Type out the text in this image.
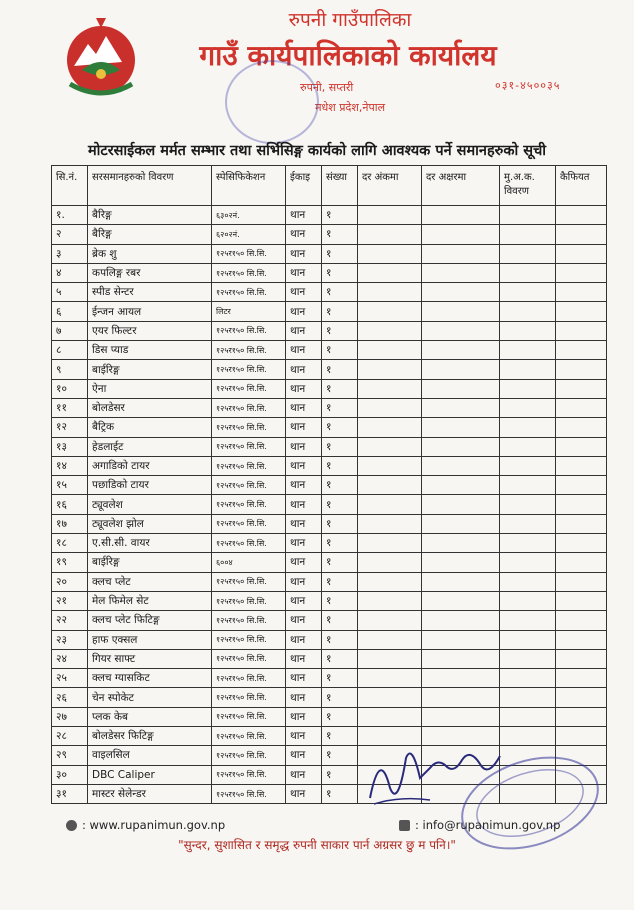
रुपनी गाउँपालिका
गाउँ कार्यपालिकाको कार्यालय
रुपनी, सप्तरी
मधेश प्रदेश,नेपाल
०३१-४५००३५
मोटरसाईकल मर्मत सम्भार तथा सर्भिसिङ्ग कार्यको लागि आवश्यक पर्ने समानहरुको सूची
सि.नं.	सरसमानहरुको विवरण	स्पेसिफिकेशन	ईकाइ	संख्या	दर अंकमा	दर अक्षरमा	मु.अ.क. विवरण	कैफियत
१.	बैरिङ्ग	६३०२नं.	थान	१				
२	बैरिङ्ग	६२०२नं.	थान	१				
३	ब्रेक शु	१२५र१५० सि.सि.	थान	१				
४	कपलिङ्ग रबर	१२५र१५० सि.सि.	थान	१				
५	स्पीड सेन्टर	१२५र१५० सि.सि.	थान	१				
६	ईन्जन आयल	लिटर	थान	१				
७	एयर फिल्टर	१२५र१५० सि.सि.	थान	१				
८	डिस प्याड	१२५र१५० सि.सि.	थान	१				
९	बाईरिङ्ग	१२५र१५० सि.सि.	थान	१				
१०	ऐना	१२५र१५० सि.सि.	थान	१				
११	बोलडेसर	१२५र१५० सि.सि.	थान	१				
१२	बैट्रिक	१२५र१५० सि.सि.	थान	१				
१३	हेडलाईट	१२५र१५० सि.सि.	थान	१				
१४	अगाडिको टायर	१२५र१५० सि.सि.	थान	१				
१५	पछाडिको टायर	१२५र१५० सि.सि.	थान	१				
१६	ट्यूवलेश	१२५र१५० सि.सि.	थान	१				
१७	ट्यूवलेश झोल	१२५र१५० सि.सि.	थान	१				
१८	ए.सी.सी. वायर	१२५र१५० सि.सि.	थान	१				
१९	बाईरिङ्ग	६००४	थान	१				
२०	क्लच प्लेट	१२५र१५० सि.सि.	थान	१				
२१	मेल फिमेल सेट	१२५र१५० सि.सि.	थान	१				
२२	क्लच प्लेट फिटिङ्ग	१२५र१५० सि.सि.	थान	१				
२३	हाफ एक्सल	१२५र१५० सि.सि.	थान	१				
२४	गियर साफ्ट	१२५र१५० सि.सि.	थान	१				
२५	क्लच ग्यासकिट	१२५र१५० सि.सि.	थान	१				
२६	चेन स्पोकेट	१२५र१५० सि.सि.	थान	१				
२७	प्लक केब	१२५र१५० सि.सि.	थान	१				
२८	बोलडेसर फिटिङ्ग	१२५र१५० सि.सि.	थान	१				
२९	वाइलसिल	१२५र१५० सि.सि.	थान	१				
३०	DBC Caliper	१२५र१५० सि.सि.	थान	१				
३१	मास्टर सेलेन्डर	१२५र१५० सि.सि.	थान	१				
: www.rupanimun.gov.np	: info@rupanimun.gov.np
"सुन्दर, सुशासित र समृद्ध रुपनी साकार पार्न अग्रसर छु म पनि।"
